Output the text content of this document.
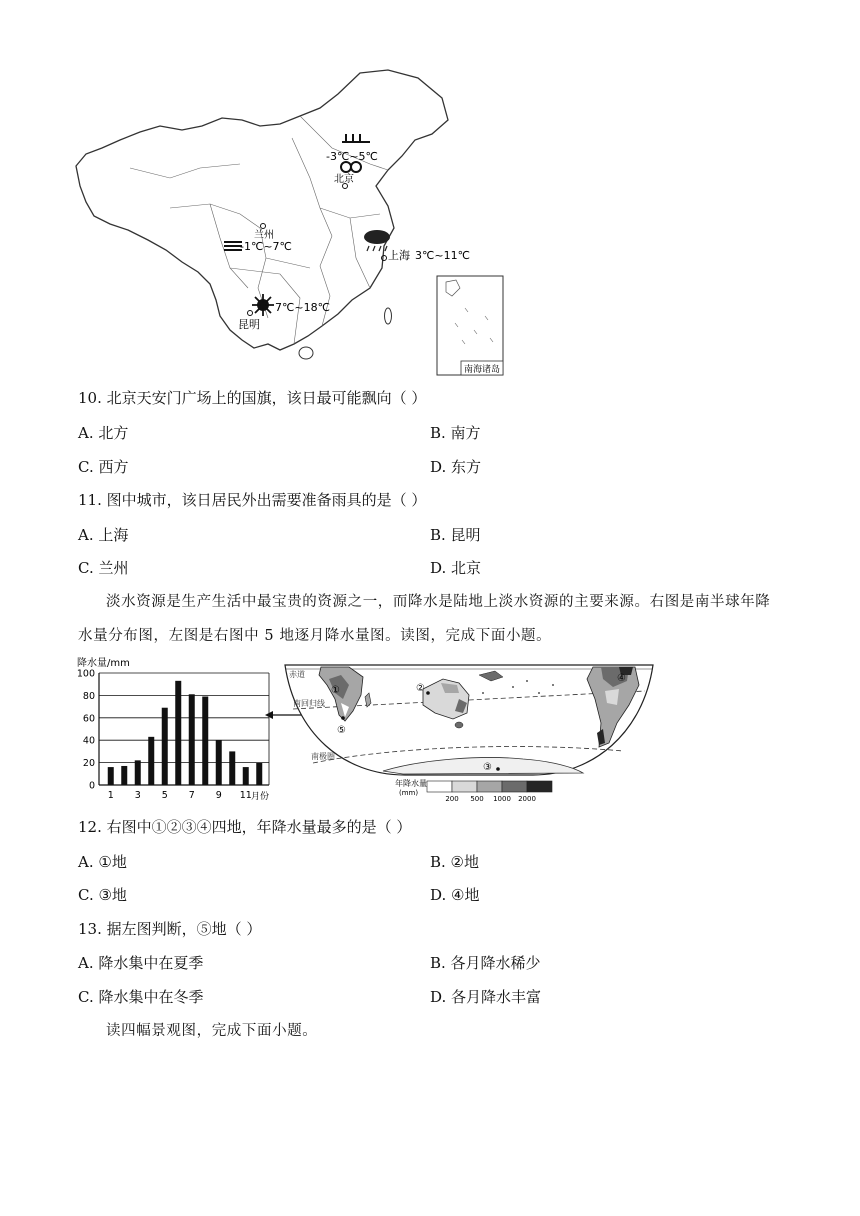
-3℃~5℃
北京
兰州
-1℃~7℃
上海 3℃~11℃
7℃~18℃
昆明
南海诸岛
10. 北京天安门广场上的国旗，该日最可能飘向（ ）
A. 北方	B. 南方
C. 西方	D. 东方
11. 图中城市，该日居民外出需要准备雨具的是（ ）
A. 上海	B. 昆明
C. 兰州	D. 北京
淡水资源是生产生活中最宝贵的资源之一，而降水是陆地上淡水资源的主要来源。右图是南半球年降
水量分布图，左图是右图中 5 地逐月降水量图。读图，完成下面小题。
降水量/mm
0
20
40
60
80
100
1 3 5 7 9 11 月份
赤道
南回归线
南极圈
①	②
③
④
⑤
年降水量
(mm)
200 500 1000 2000
12. 右图中①②③④四地，年降水量最多的是（ ）
A. ①地	B. ②地
C. ③地	D. ④地
13. 据左图判断，⑤地（ ）
A. 降水集中在夏季	B. 各月降水稀少
C. 降水集中在冬季	D. 各月降水丰富
读四幅景观图，完成下面小题。
